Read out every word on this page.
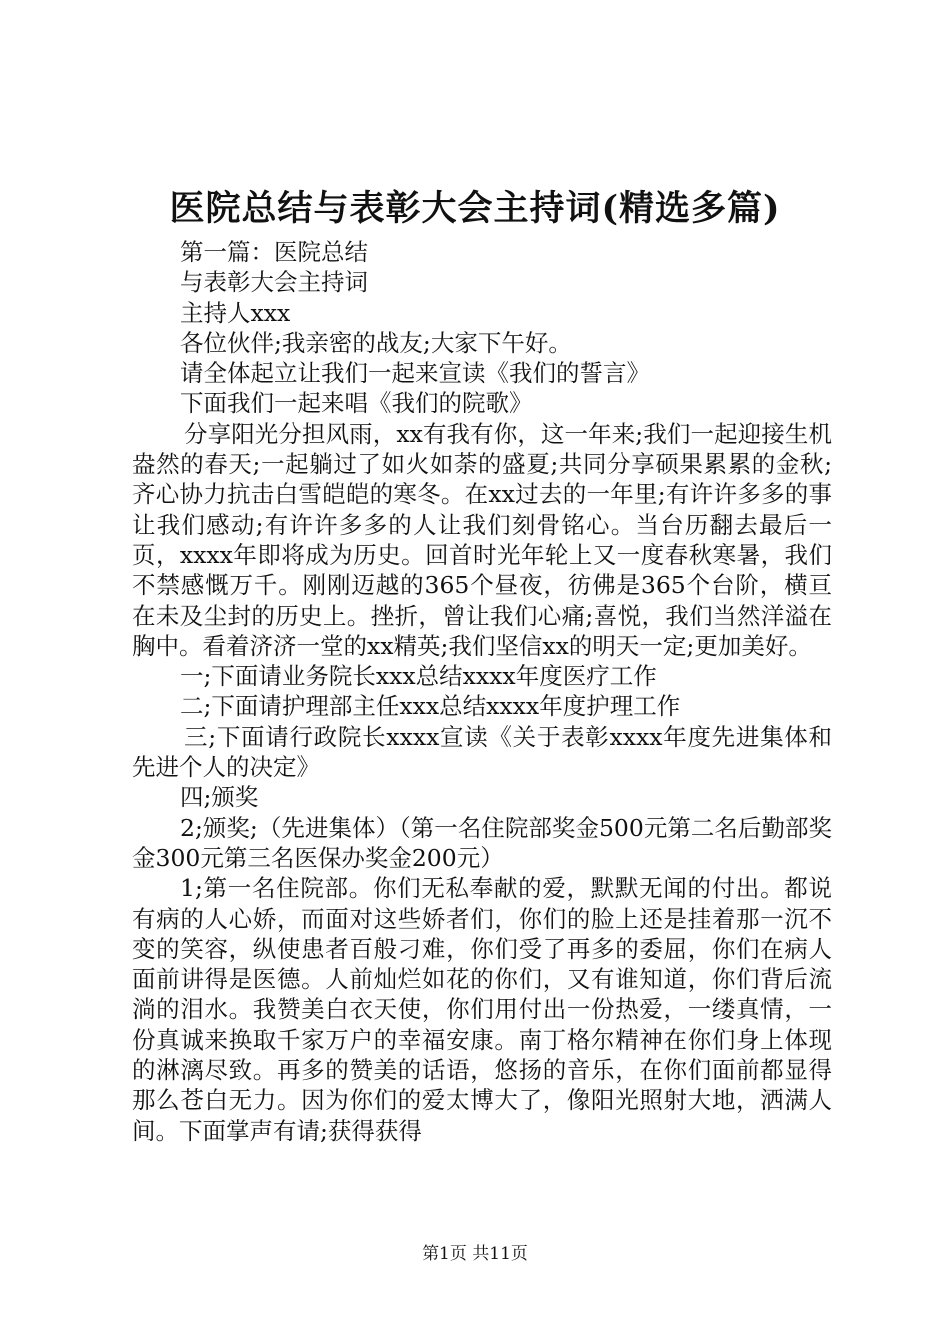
医院总结与表彰大会主持词(精选多篇)

第一篇：医院总结

与表彰大会主持词

主持人xxx

各位伙伴;我亲密的战友;大家下午好。

请全体起立让我们一起来宣读《我们的誓言》

下面我们一起来唱《我们的院歌》

分享阳光分担风雨，xx有我有你，这一年来;我们一起迎接生机盎然的春天;一起躺过了如火如荼的盛夏;共同分享硕果累累的金秋;齐心协力抗击白雪皑皑的寒冬。在xx过去的一年里;有许许多多的事让我们感动;有许许多多的人让我们刻骨铭心。当台历翻去最后一页，xxxx年即将成为历史。回首时光年轮上又一度春秋寒暑，我们不禁感慨万千。刚刚迈越的365个昼夜，彷佛是365个台阶，横亘在未及尘封的历史上。挫折，曾让我们心痛;喜悦，我们当然洋溢在胸中。看着济济一堂的xx精英;我们坚信xx的明天一定;更加美好。

一;下面请业务院长xxx总结xxxx年度医疗工作

二;下面请护理部主任xxx总结xxxx年度护理工作

三;下面请行政院长xxxx宣读《关于表彰xxxx年度先进集体和先进个人的决定》

四;颁奖

2;颁奖;（先进集体）（第一名住院部奖金500元第二名后勤部奖金300元第三名医保办奖金200元）

1;第一名住院部。你们无私奉献的爱，默默无闻的付出。都说有病的人心娇，而面对这些娇者们，你们的脸上还是挂着那一沉不变的笑容，纵使患者百般刁难，你们受了再多的委屈，你们在病人面前讲得是医德。人前灿烂如花的你们，又有谁知道，你们背后流淌的泪水。我赞美白衣天使，你们用付出一份热爱，一缕真情，一份真诚来换取千家万户的幸福安康。南丁格尔精神在你们身上体现的淋漓尽致。再多的赞美的话语，悠扬的音乐，在你们面前都显得那么苍白无力。因为你们的爱太博大了，像阳光照射大地，洒满人间。下面掌声有请;获得获得

第1页 共11页
